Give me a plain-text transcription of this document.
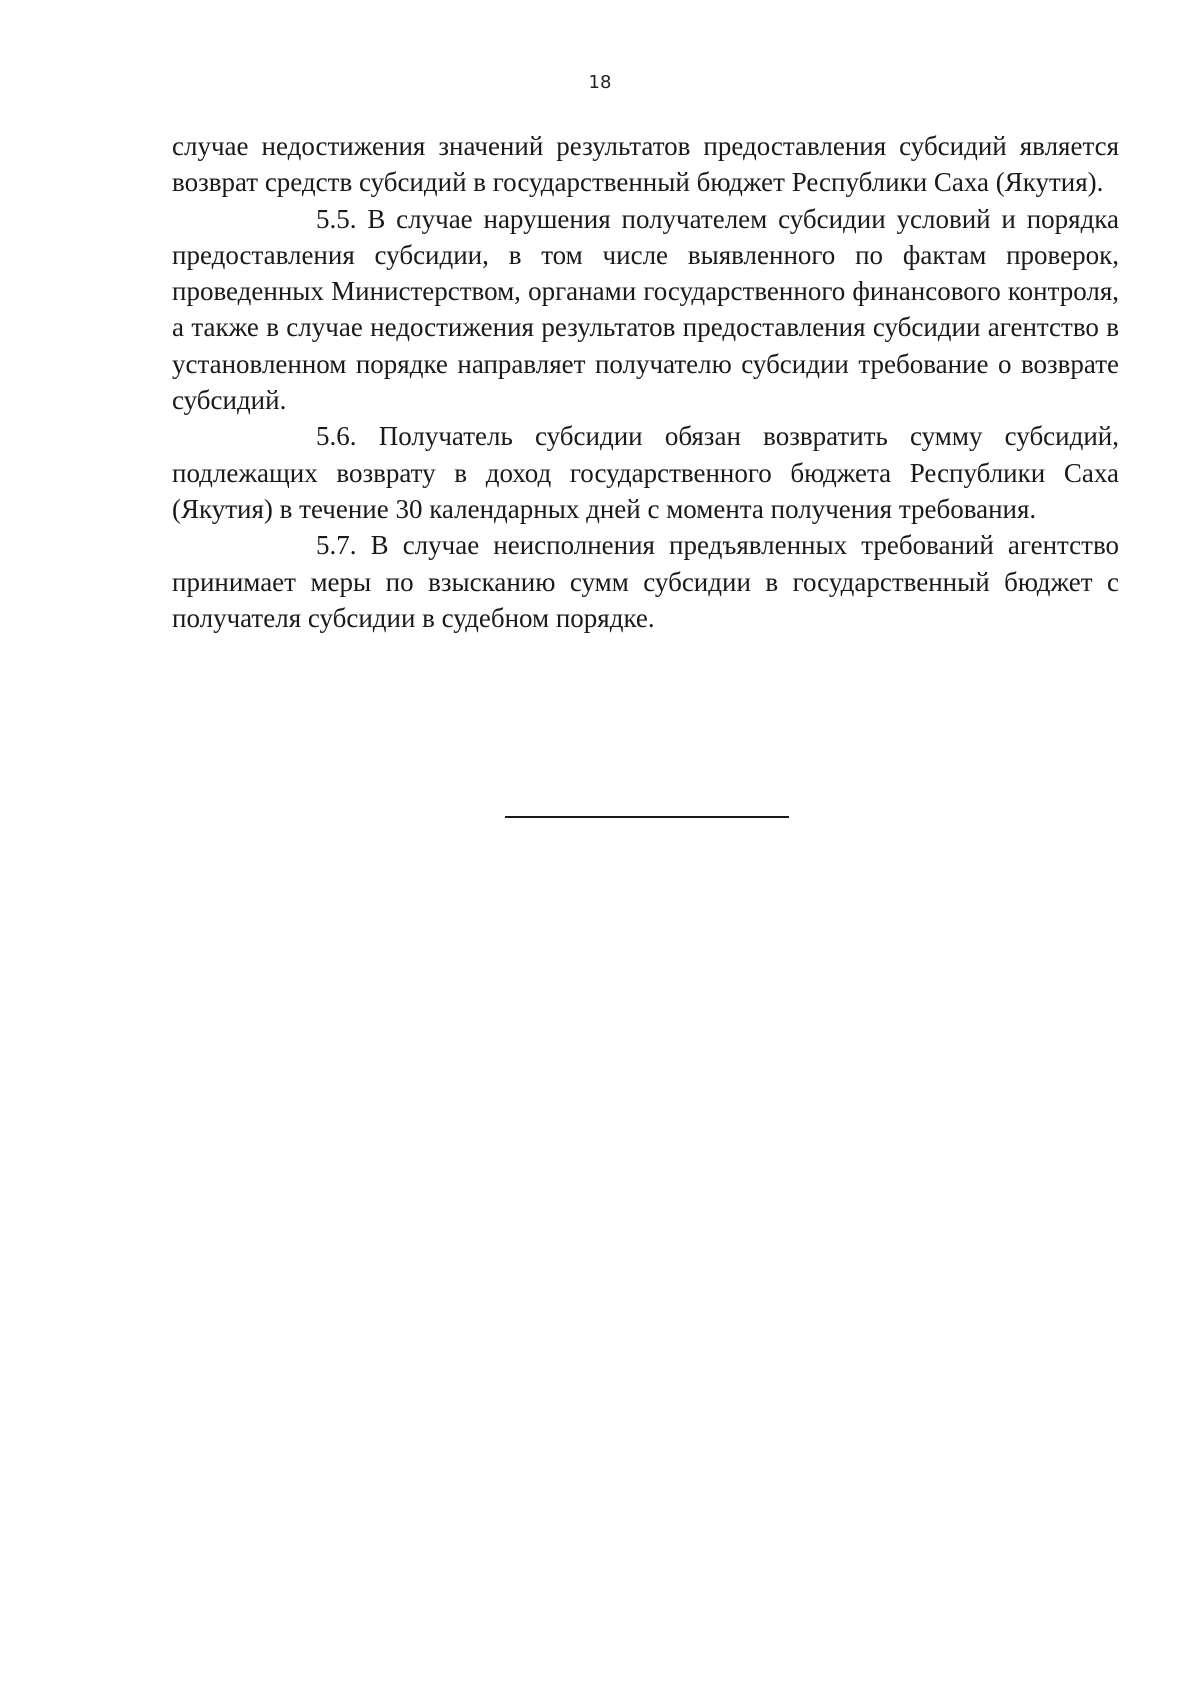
18

случае недостижения значений результатов предоставления субсидий является возврат средств субсидий в государственный бюджет Республики Саха (Якутия).

5.5. В случае нарушения получателем субсидии условий и порядка предоставления субсидии, в том числе выявленного по фактам проверок, проведенных Министерством, органами государственного финансового контроля, а также в случае недостижения результатов предоставления субсидии агентство в установленном порядке направляет получателю субсидии требование о возврате субсидий.

5.6. Получатель субсидии обязан возвратить сумму субсидий, подлежащих возврату в доход государственного бюджета Республики Саха (Якутия) в течение 30 календарных дней с момента получения требования.

5.7. В случае неисполнения предъявленных требований агентство принимает меры по взысканию сумм субсидии в государственный бюджет с получателя субсидии в судебном порядке.
